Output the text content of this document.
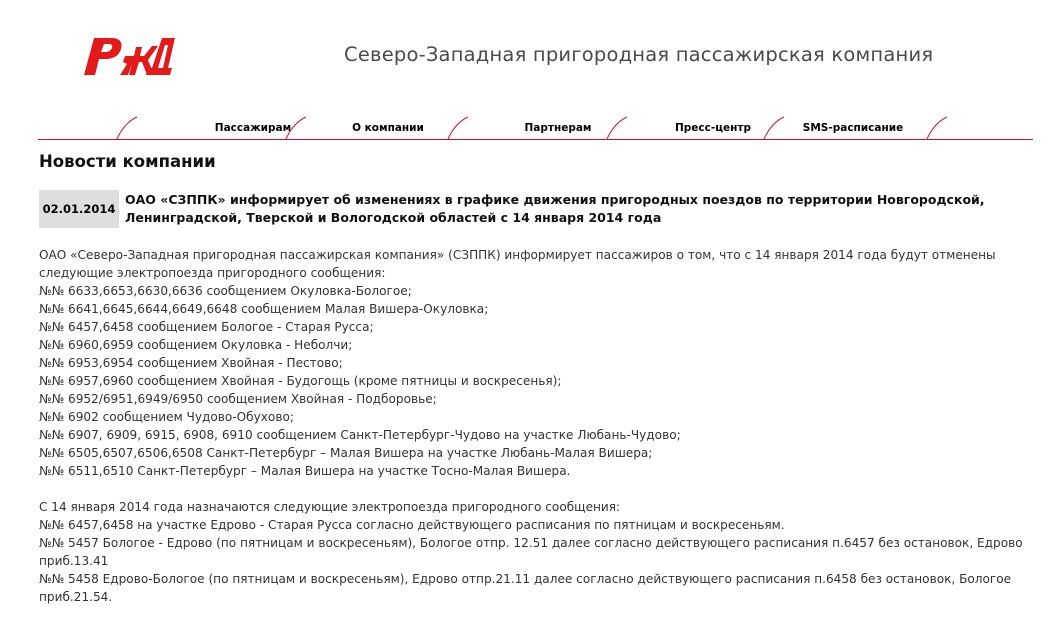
Северо-Западная пригородная пассажирская компания
Пассажирам	О компании	Партнерам	Пресс-центр	SMS-расписание
Новости компании
02.01.2014
ОАО «СЗППК» информирует об изменениях в графике движения пригородных поездов по территории Новгородской, Ленинградской, Тверской и Вологодской областей с 14 января 2014 года

ОАО «Северо-Западная пригородная пассажирская компания» (СЗППК) информирует пассажиров о том, что с 14 января 2014 года будут отменены следующие электропоезда пригородного сообщения:

№№ 6633,6653,6630,6636 сообщением Окуловка-Бологое;

№№ 6641,6645,6644,6649,6648 сообщением Малая Вишера-Окуловка;

№№ 6457,6458 сообщением Бологое - Старая Русса;

№№ 6960,6959 сообщением Окуловка - Неболчи;

№№ 6953,6954 сообщением Хвойная - Пестово;

№№ 6957,6960 сообщением Хвойная - Будогощь (кроме пятницы и воскресенья);

№№ 6952/6951,6949/6950 сообщением Хвойная - Подборовье;

№№ 6902 сообщением Чудово-Обухово;

№№ 6907, 6909, 6915, 6908, 6910 сообщением Санкт-Петербург-Чудово на участке Любань-Чудово;

№№ 6505,6507,6506,6508 Санкт-Петербург – Малая Вишера на участке Любань-Малая Вишера;

№№ 6511,6510 Санкт-Петербург – Малая Вишера на участке Тосно-Малая Вишера.

С 14 января 2014 года назначаются следующие электропоезда пригородного сообщения:

№№ 6457,6458 на участке Едрово - Старая Русса согласно действующего расписания по пятницам и воскресеньям.

№№ 5457 Бологое - Едрово (по пятницам и воскресеньям), Бологое отпр. 12.51 далее согласно действующего расписания п.6457 без остановок, Едрово приб.13.41

№№ 5458 Едрово-Бологое (по пятницам и воскресеньям), Едрово отпр.21.11 далее согласно действующего расписания п.6458 без остановок, Бологое приб.21.54.
